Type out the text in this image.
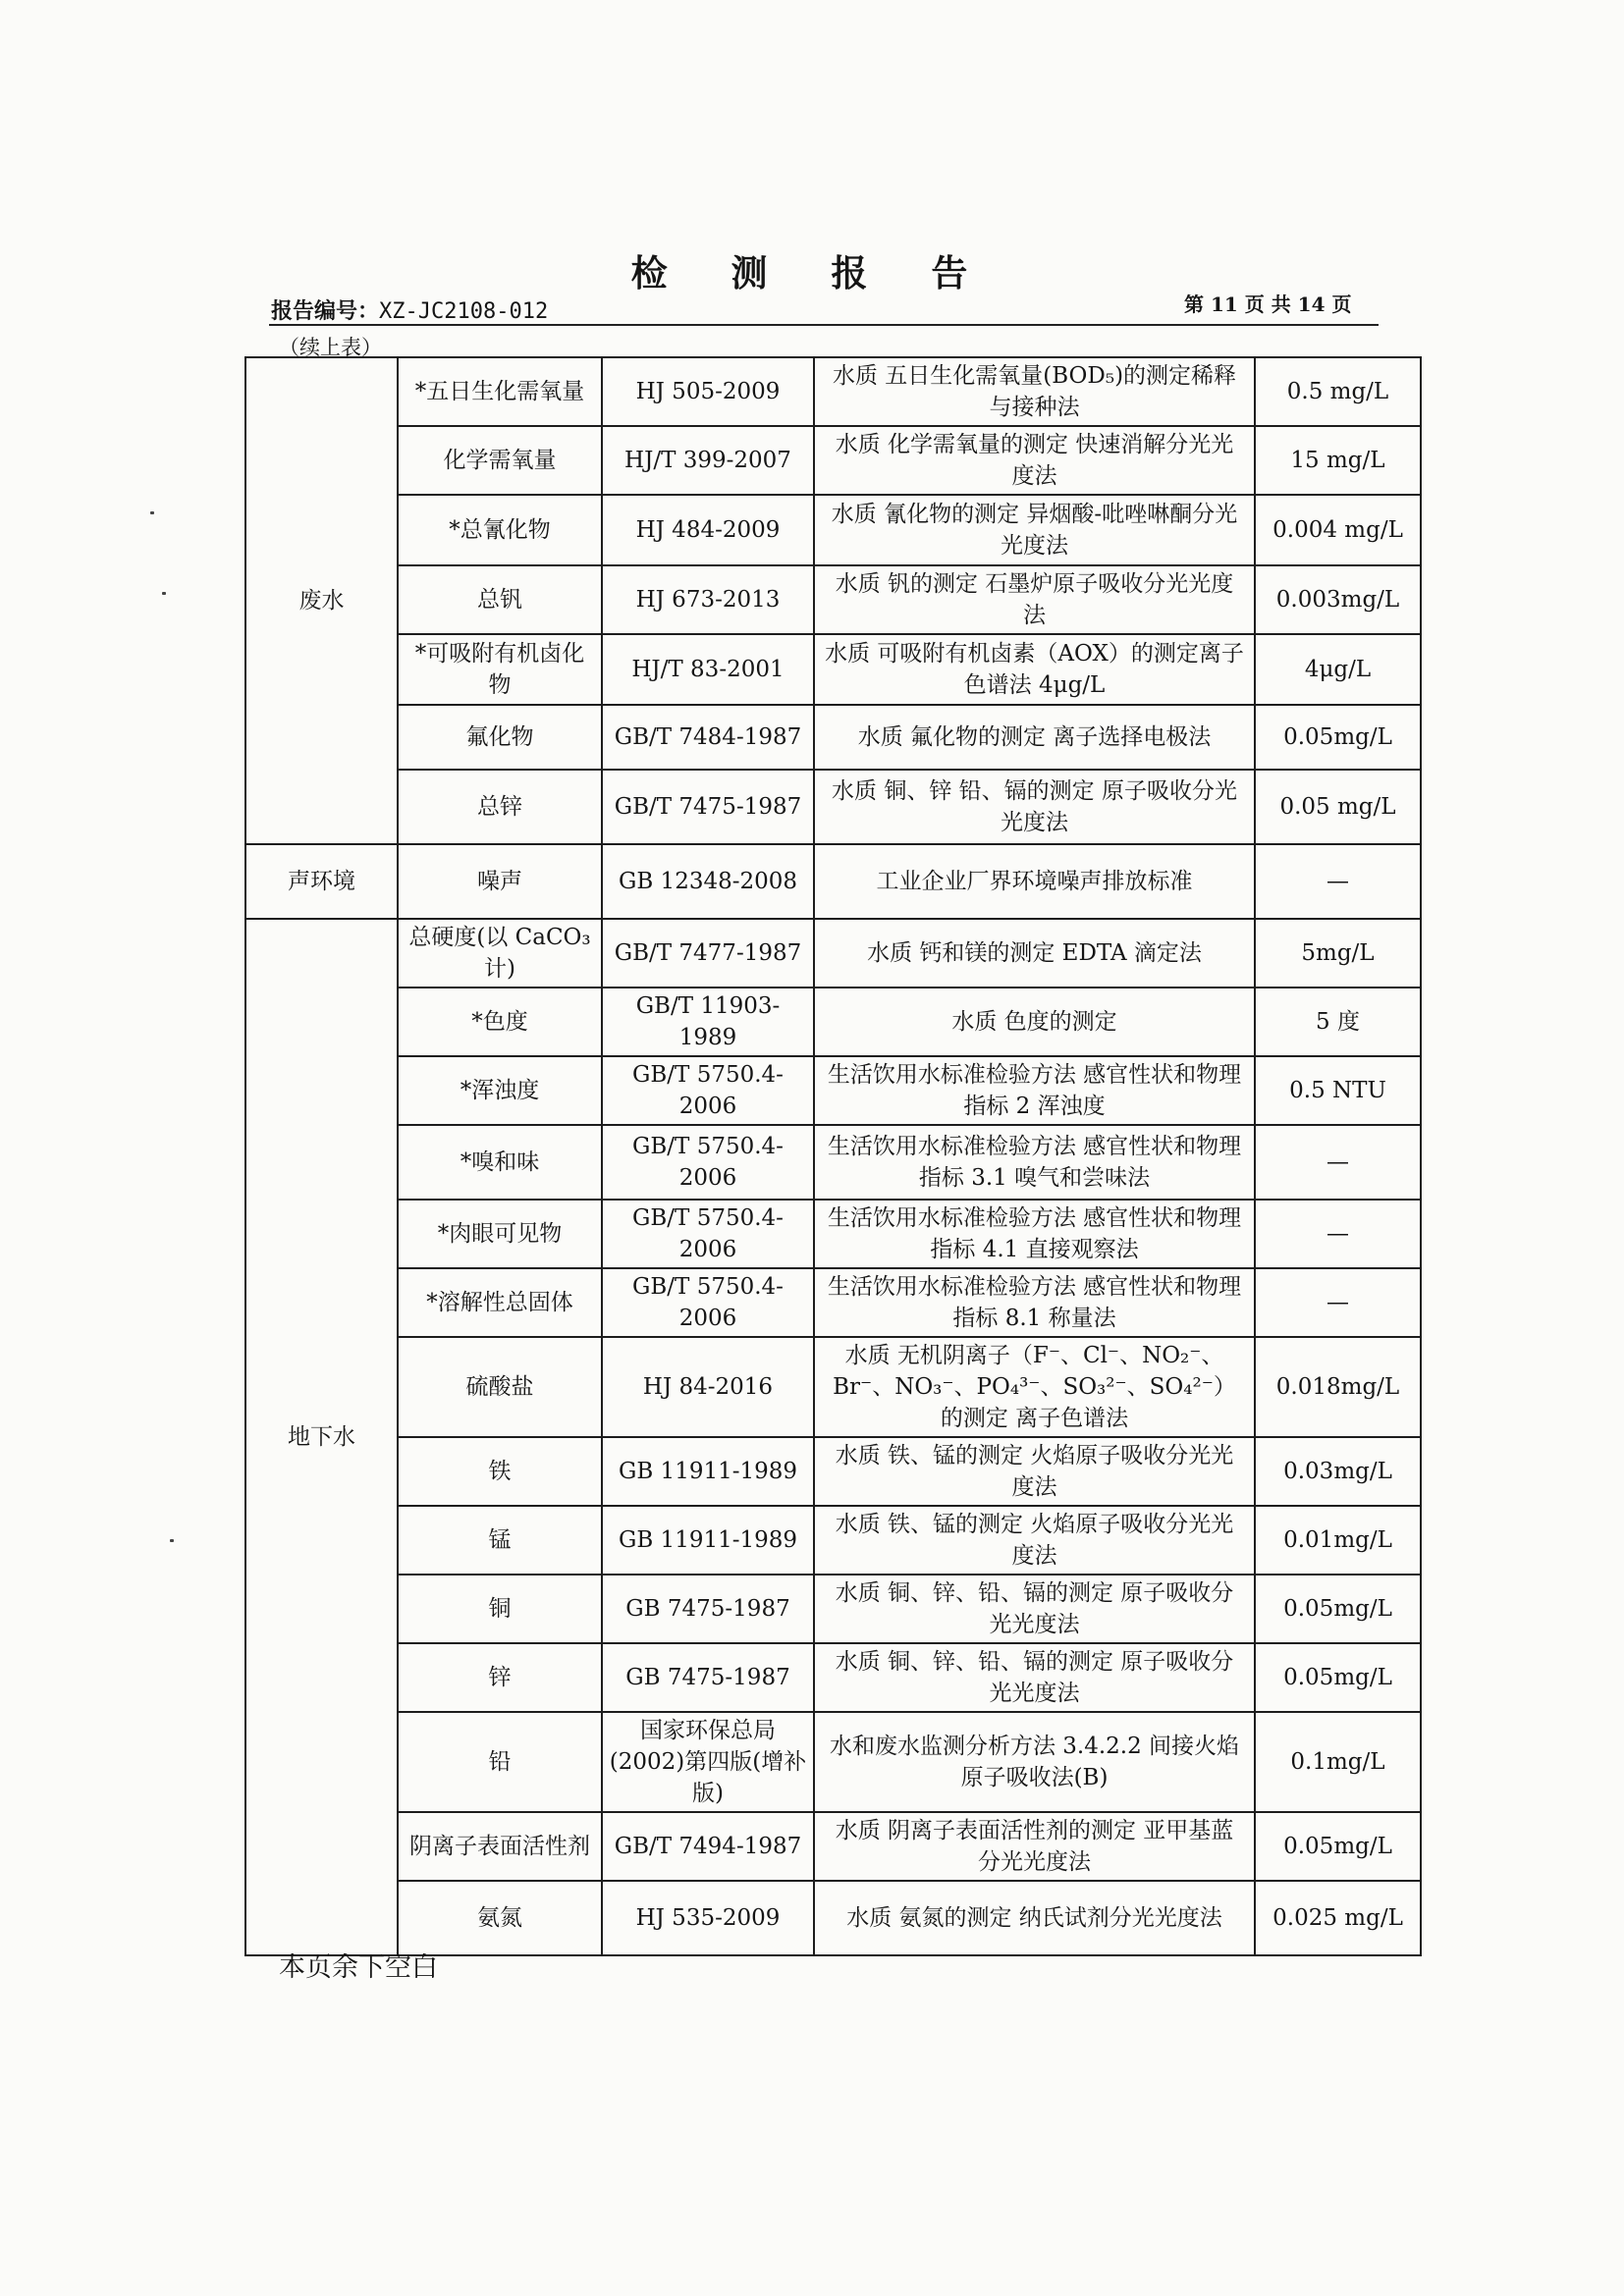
检 测 报 告
报告编号：XZ-JC2108-012	第 11 页 共 14 页
（续上表）
废水	*五日生化需氧量	HJ 505-2009	水质 五日生化需氧量(BOD₅)的测定稀释与接种法	0.5 mg/L
	化学需氧量	HJ/T 399-2007	水质 化学需氧量的测定 快速消解分光光度法	15 mg/L
	*总氰化物	HJ 484-2009	水质 氰化物的测定 异烟酸-吡唑啉酮分光光度法	0.004 mg/L
	总钒	HJ 673-2013	水质 钒的测定 石墨炉原子吸收分光光度法	0.003mg/L
	*可吸附有机卤化物	HJ/T 83-2001	水质 可吸附有机卤素（AOX）的测定离子色谱法 4μg/L	4μg/L
	氟化物	GB/T 7484-1987	水质 氟化物的测定 离子选择电极法	0.05mg/L
	总锌	GB/T 7475-1987	水质 铜、锌 铅、镉的测定 原子吸收分光光度法	0.05 mg/L
声环境	噪声	GB 12348-2008	工业企业厂界环境噪声排放标准	—
地下水	总硬度(以 CaCO₃ 计)	GB/T 7477-1987	水质 钙和镁的测定 EDTA 滴定法	5mg/L
	*色度	GB/T 11903-1989	水质 色度的测定	5 度
	*浑浊度	GB/T 5750.4-2006	生活饮用水标准检验方法 感官性状和物理指标 2 浑浊度	0.5 NTU
	*嗅和味	GB/T 5750.4-2006	生活饮用水标准检验方法 感官性状和物理指标 3.1 嗅气和尝味法	—
	*肉眼可见物	GB/T 5750.4-2006	生活饮用水标准检验方法 感官性状和物理指标 4.1 直接观察法	—
	*溶解性总固体	GB/T 5750.4-2006	生活饮用水标准检验方法 感官性状和物理指标 8.1 称量法	—
	硫酸盐	HJ 84-2016	水质 无机阴离子（F⁻、Cl⁻、NO₂⁻、Br⁻、NO₃⁻、PO₄³⁻、SO₃²⁻、SO₄²⁻）的测定 离子色谱法	0.018mg/L
	铁	GB 11911-1989	水质 铁、锰的测定 火焰原子吸收分光光度法	0.03mg/L
	锰	GB 11911-1989	水质 铁、锰的测定 火焰原子吸收分光光度法	0.01mg/L
	铜	GB 7475-1987	水质 铜、锌、铅、镉的测定 原子吸收分光光度法	0.05mg/L
	锌	GB 7475-1987	水质 铜、锌、铅、镉的测定 原子吸收分光光度法	0.05mg/L
	铅	国家环保总局(2002)第四版(增补版)	水和废水监测分析方法 3.4.2.2 间接火焰原子吸收法(B)	0.1mg/L
	阴离子表面活性剂	GB/T 7494-1987	水质 阴离子表面活性剂的测定 亚甲基蓝分光光度法	0.05mg/L
	氨氮	HJ 535-2009	水质 氨氮的测定 纳氏试剂分光光度法	0.025 mg/L
本页余下空白
